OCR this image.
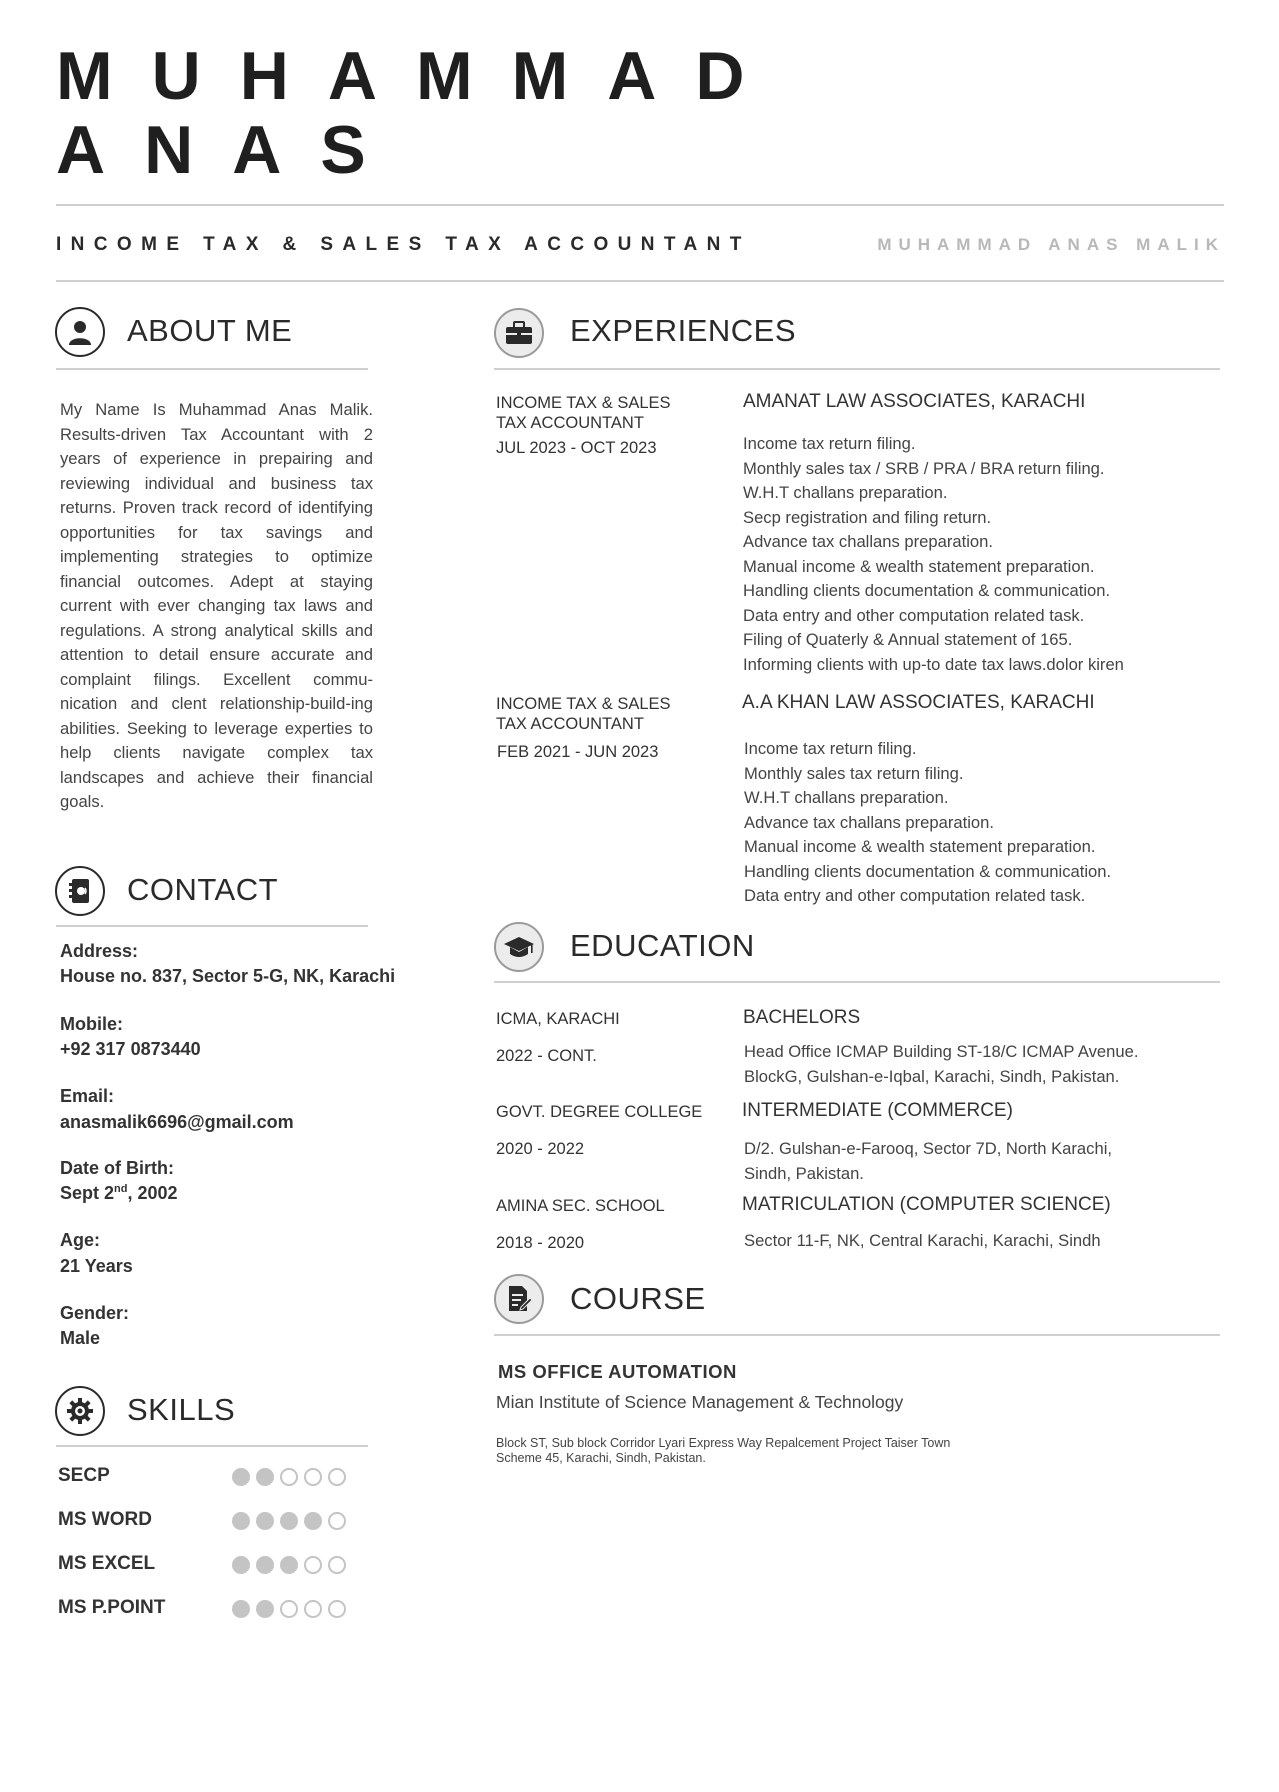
MUHAMMAD
ANAS
INCOME TAX & SALES TAX ACCOUNTANT	MUHAMMAD ANAS MALIK
ABOUT ME
My Name Is Muhammad Anas Malik. Results-driven Tax Accountant with 2 years of experience in prepairing and reviewing individual and business tax returns. Proven track record of identifying opportunities for tax savings and implementing strategies to optimize financial outcomes. Adept at staying current with ever changing tax laws and regulations. A strong analytical skills and attention to detail ensure accurate and complaint filings. Excellent commu-nication and clent relationship-build-ing abilities. Seeking to leverage experties to help clients navigate complex tax landscapes and achieve their financial goals.
CONTACT
Address:
House no. 837, Sector 5-G, NK, Karachi
Mobile:
+92 317 0873440
Email:
anasmalik6696@gmail.com
Date of Birth:
Sept 2nd, 2002
Age:
21 Years
Gender:
Male
SKILLS
SECP
MS WORD
MS EXCEL
MS P.POINT
EXPERIENCES
INCOME TAX & SALES
TAX ACCOUNTANT
JUL 2023 - OCT 2023
AMANAT LAW ASSOCIATES, KARACHI
Income tax return filing.
Monthly sales tax / SRB / PRA / BRA return filing.
W.H.T challans preparation.
Secp registration and filing return.
Advance tax challans preparation.
Manual income & wealth statement preparation.
Handling clients documentation & communication.
Data entry and other computation related task.
Filing of Quaterly & Annual statement of 165.
Informing clients with up-to date tax laws.dolor kiren
INCOME TAX & SALES
TAX ACCOUNTANT
FEB 2021 - JUN 2023
A.A KHAN LAW ASSOCIATES, KARACHI
Income tax return filing.
Monthly sales tax return filing.
W.H.T challans preparation.
Advance tax challans preparation.
Manual income & wealth statement preparation.
Handling clients documentation & communication.
Data entry and other computation related task.
EDUCATION
ICMA, KARACHI
2022 - CONT.
BACHELORS
Head Office ICMAP Building ST-18/C ICMAP Avenue.
BlockG, Gulshan-e-Iqbal, Karachi, Sindh, Pakistan.
GOVT. DEGREE COLLEGE
2020 - 2022
INTERMEDIATE (COMMERCE)
D/2. Gulshan-e-Farooq, Sector 7D, North Karachi,
Sindh, Pakistan.
AMINA SEC. SCHOOL
2018 - 2020
MATRICULATION (COMPUTER SCIENCE)
Sector 11-F, NK, Central Karachi, Karachi, Sindh
COURSE
MS OFFICE AUTOMATION
Mian Institute of Science Management & Technology
Block ST, Sub block Corridor Lyari Express Way Repalcement Project Taiser Town
Scheme 45, Karachi, Sindh, Pakistan.
